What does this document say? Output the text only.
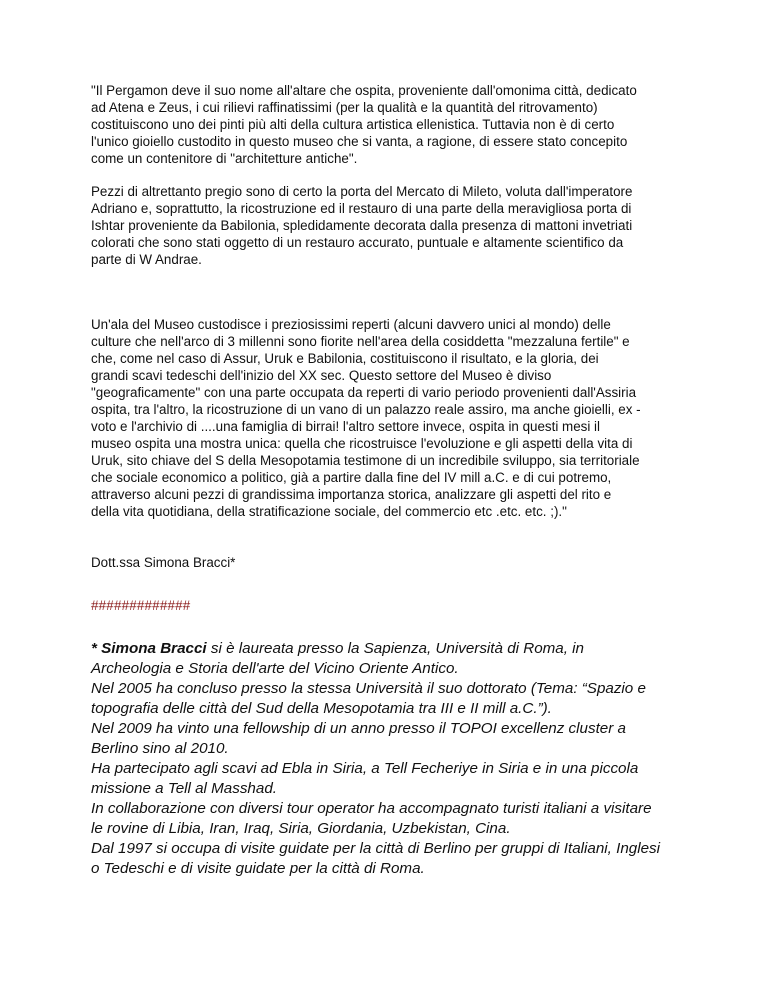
"Il Pergamon deve il suo nome all'altare che ospita, proveniente dall'omonima città, dedicato
ad Atena e Zeus, i cui rilievi raffinatissimi (per la qualità e la quantità del ritrovamento)
costituiscono uno dei pinti più alti della cultura artistica ellenistica. Tuttavia non è di certo
l'unico gioiello custodito in questo museo che si vanta, a ragione, di essere stato concepito
come un contenitore di "architetture antiche".

Pezzi di altrettanto pregio sono di certo la porta del Mercato di Mileto, voluta dall'imperatore
Adriano e, soprattutto, la ricostruzione ed il restauro di una parte della meravigliosa porta di
Ishtar proveniente da Babilonia, spledidamente decorata dalla presenza di mattoni invetriati
colorati che sono stati oggetto di un restauro accurato, puntuale e altamente scientifico da
parte di W Andrae.

Un'ala del Museo custodisce i preziosissimi reperti (alcuni davvero unici al mondo) delle
culture che nell'arco di 3 millenni sono fiorite nell'area della cosiddetta "mezzaluna fertile" e
che, come nel caso di Assur, Uruk e Babilonia, costituiscono il risultato, e la gloria, dei
grandi scavi tedeschi dell'inizio del XX sec. Questo settore del Museo è diviso
"geograficamente" con una parte occupata da reperti di vario periodo provenienti dall'Assiria
ospita, tra l'altro, la ricostruzione di un vano di un palazzo reale assiro, ma anche gioielli, ex -
voto e l'archivio di ....una famiglia di birrai! l'altro settore invece, ospita in questi mesi il
museo ospita una mostra unica: quella che ricostruisce l'evoluzione e gli aspetti della vita di
Uruk, sito chiave del S della Mesopotamia testimone di un incredibile sviluppo, sia territoriale
che sociale economico a politico, già a partire dalla fine del IV mill a.C. e di cui potremo,
attraverso alcuni pezzi di grandissima importanza storica, analizzare gli aspetti del rito e
della vita quotidiana, della stratificazione sociale, del commercio etc .etc. etc. ;)."

Dott.ssa Simona Bracci*

#############

* Simona Bracci si è laureata presso la Sapienza, Università di Roma, in
Archeologia e Storia dell'arte del Vicino Oriente Antico.
Nel 2005 ha concluso presso la stessa Università il suo dottorato (Tema: “Spazio e
topografia delle città del Sud della Mesopotamia tra III e II mill a.C.”).
Nel 2009 ha vinto una fellowship di un anno presso il TOPOI excellenz cluster a
Berlino sino al 2010.
Ha partecipato agli scavi ad Ebla in Siria, a Tell Fecheriye in Siria e in una piccola
missione a Tell al Masshad.
In collaborazione con diversi tour operator ha accompagnato turisti italiani a visitare
le rovine di Libia, Iran, Iraq, Siria, Giordania, Uzbekistan, Cina.
Dal 1997 si occupa di visite guidate per la città di Berlino per gruppi di Italiani, Inglesi
o Tedeschi e di visite guidate per la città di Roma.
